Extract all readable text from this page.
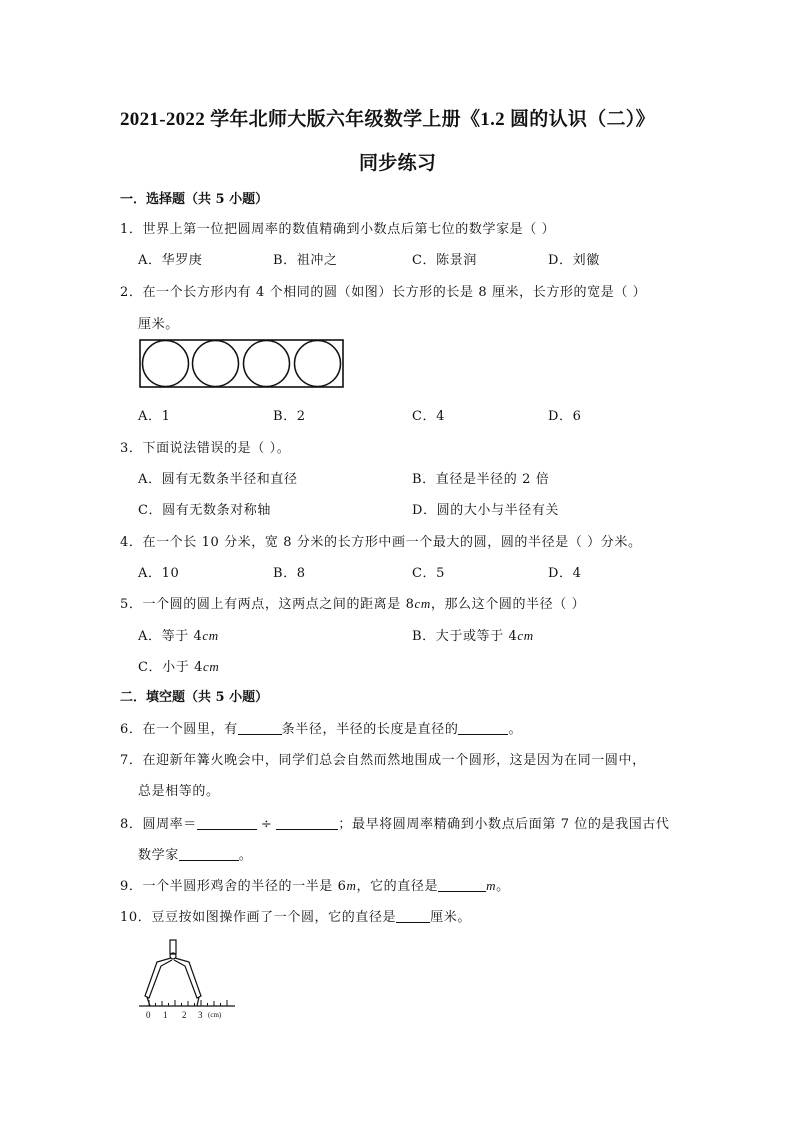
2021-2022 学年北师大版六年级数学上册《1.2 圆的认识（二）》
同步练习
一．选择题（共 5 小题）
1．世界上第一位把圆周率的数值精确到小数点后第七位的数学家是（ ）
A．华罗庚	B．祖冲之	C．陈景润	D．刘徽
2．在一个长方形内有 4 个相同的圆（如图）长方形的长是 8 厘米，长方形的宽是（ ）
厘米。
A．1	B．2	C．4	D．6
3．下面说法错误的是（ ）。
A．圆有无数条半径和直径	B．直径是半径的 2 倍
C．圆有无数条对称轴	D．圆的大小与半径有关
4．在一个长 10 分米，宽 8 分米的长方形中画一个最大的圆，圆的半径是（ ）分米。
A．10	B．8	C．5	D．4
5．一个圆的圆上有两点，这两点之间的距离是 8cm，那么这个圆的半径（ ）
A．等于 4cm	B．大于或等于 4cm
C．小于 4cm
二．填空题（共 5 小题）
6．在一个圆里，有	条半径，半径的长度是直径的	。
7．在迎新年篝火晚会中，同学们总会自然而然地围成一个圆形，这是因为在同一圆中，
总是相等的。
8．圆周率＝	÷	；最早将圆周率精确到小数点后面第 7 位的是我国古代
数学家	。
9．一个半圆形鸡舍的半径的一半是 6m，它的直径是	m。
10．豆豆按如图操作画了一个圆，它的直径是	厘米。
0 1 2 3 (cm)
